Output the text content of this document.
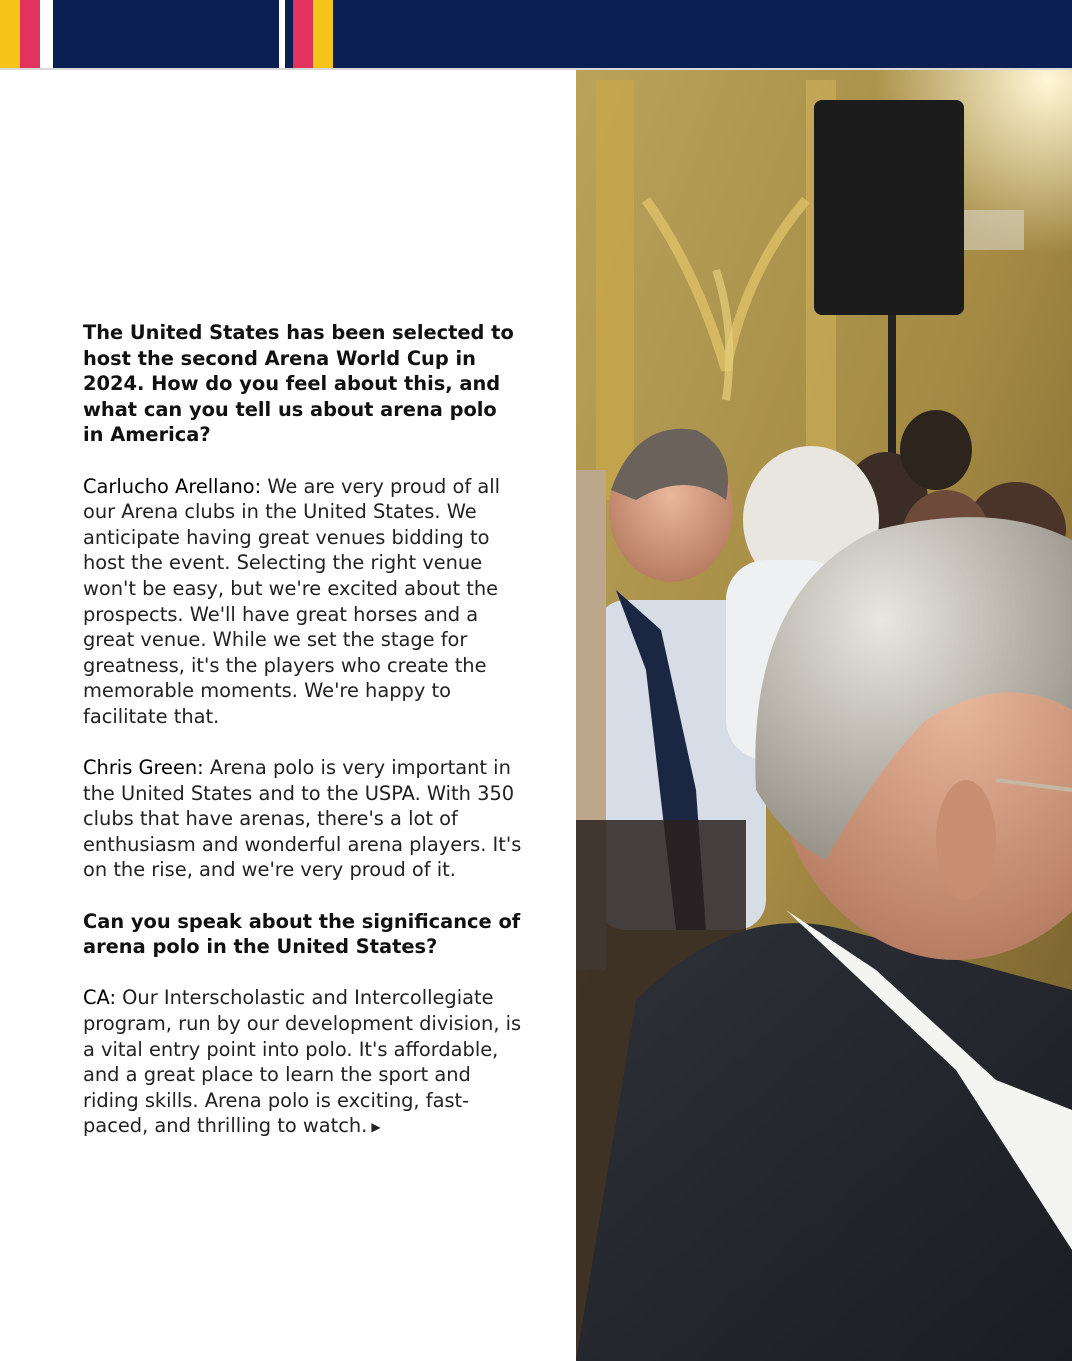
The United States has been selected to host the second Arena World Cup in 2024. How do you feel about this, and what can you tell us about arena polo in America?

Carlucho Arellano: We are very proud of all our Arena clubs in the United States. We anticipate having great venues bidding to host the event. Selecting the right venue won't be easy, but we're excited about the prospects. We'll have great horses and a great venue. While we set the stage for greatness, it's the players who create the memorable moments. We're happy to facilitate that.

Chris Green: Arena polo is very important in the United States and to the USPA. With 350 clubs that have arenas, there's a lot of enthusiasm and wonderful arena players. It's on the rise, and we're very proud of it.

Can you speak about the significance of arena polo in the United States?

CA: Our Interscholastic and Intercollegiate program, run by our development division, is a vital entry point into polo. It's affordable, and a great place to learn the sport and riding skills. Arena polo is exciting, fast-paced, and thrilling to watch. ▶
